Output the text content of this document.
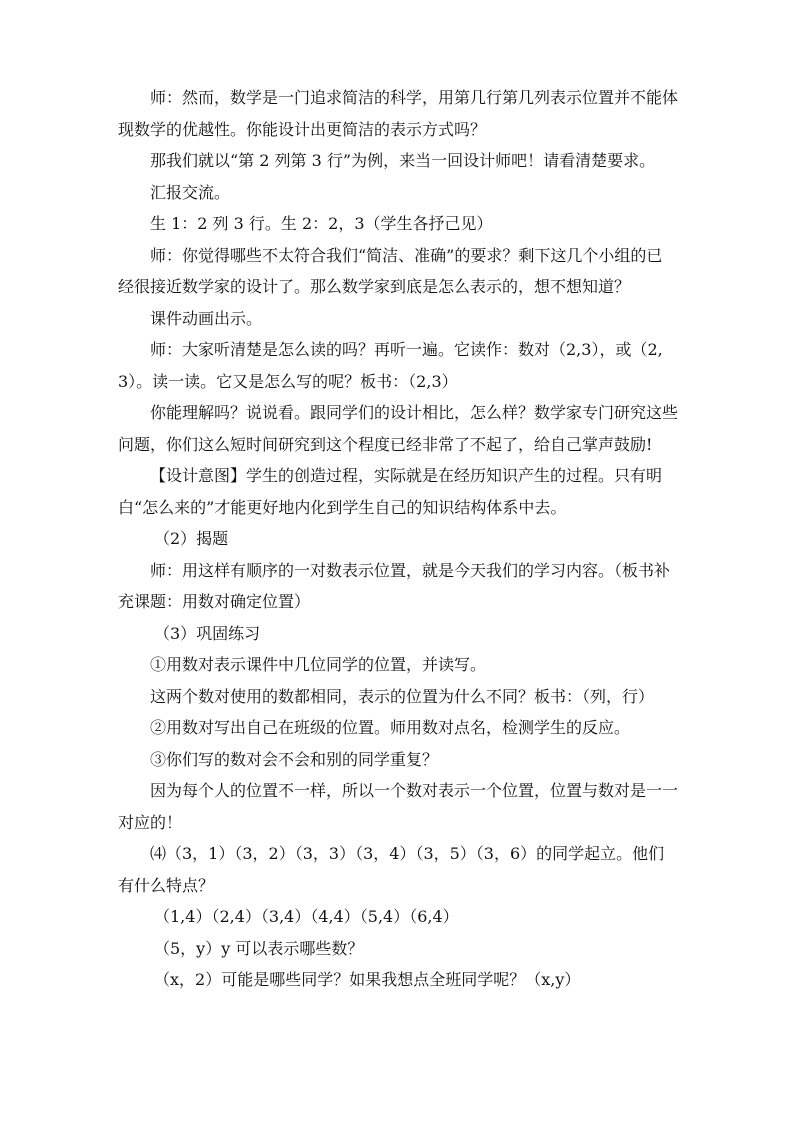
师：然而，数学是一门追求简洁的科学，用第几行第几列表示位置并不能体现数学的优越性。你能设计出更简洁的表示方式吗？

那我们就以“第 2 列第 3 行”为例，来当一回设计师吧！请看清楚要求。

汇报交流。

生 1：2 列 3 行。生 2：2，3（学生各抒己见）

师：你觉得哪些不太符合我们“简洁、准确”的要求？剩下这几个小组的已经很接近数学家的设计了。那么数学家到底是怎么表示的，想不想知道？

课件动画出示。

师：大家听清楚是怎么读的吗？再听一遍。它读作：数对（2,3），或（2,3）。读一读。它又是怎么写的呢？板书：（2,3）

你能理解吗？说说看。跟同学们的设计相比，怎么样？数学家专门研究这些问题，你们这么短时间研究到这个程度已经非常了不起了，给自己掌声鼓励!

【设计意图】学生的创造过程，实际就是在经历知识产生的过程。只有明白“怎么来的”才能更好地内化到学生自己的知识结构体系中去。

（2）揭题

师：用这样有顺序的一对数表示位置，就是今天我们的学习内容。（板书补充课题：用数对确定位置）

（3）巩固练习

①用数对表示课件中几位同学的位置，并读写。

这两个数对使用的数都相同，表示的位置为什么不同？板书：（列，行）

②用数对写出自己在班级的位置。师用数对点名，检测学生的反应。

③你们写的数对会不会和别的同学重复？

因为每个人的位置不一样，所以一个数对表示一个位置，位置与数对是一一对应的！

⑷（3，1）（3，2）（3，3）（3，4）（3，5）（3，6）的同学起立。他们有什么特点？

（1,4）（2,4）（3,4）（4,4）（5,4）（6,4）

（5，y）y 可以表示哪些数？

（x，2）可能是哪些同学？如果我想点全班同学呢？（x,y）
